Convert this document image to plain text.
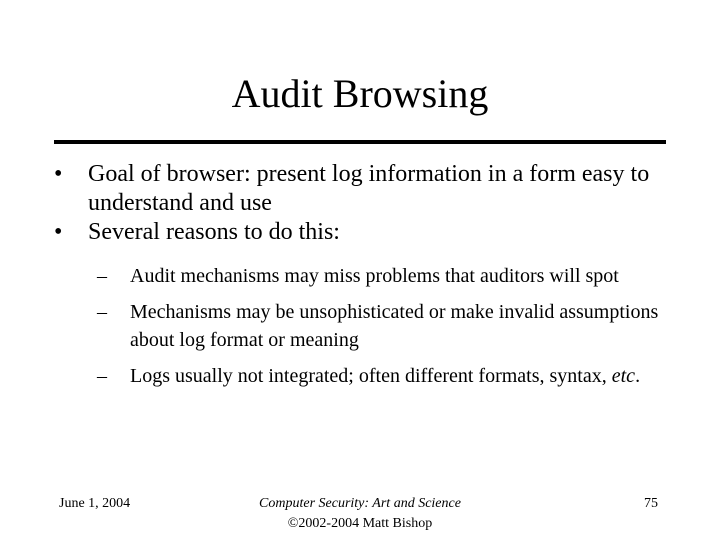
Audit Browsing
•	Goal of browser: present log information in a form easy to understand and use
•	Several reasons to do this:
–	Audit mechanisms may miss problems that auditors will spot
–	Mechanisms may be unsophisticated or make invalid assumptions about log format or meaning
–	Logs usually not integrated; often different formats, syntax, etc.
June 1, 2004	Computer Security: Art and Science
©2002-2004 Matt Bishop
75
